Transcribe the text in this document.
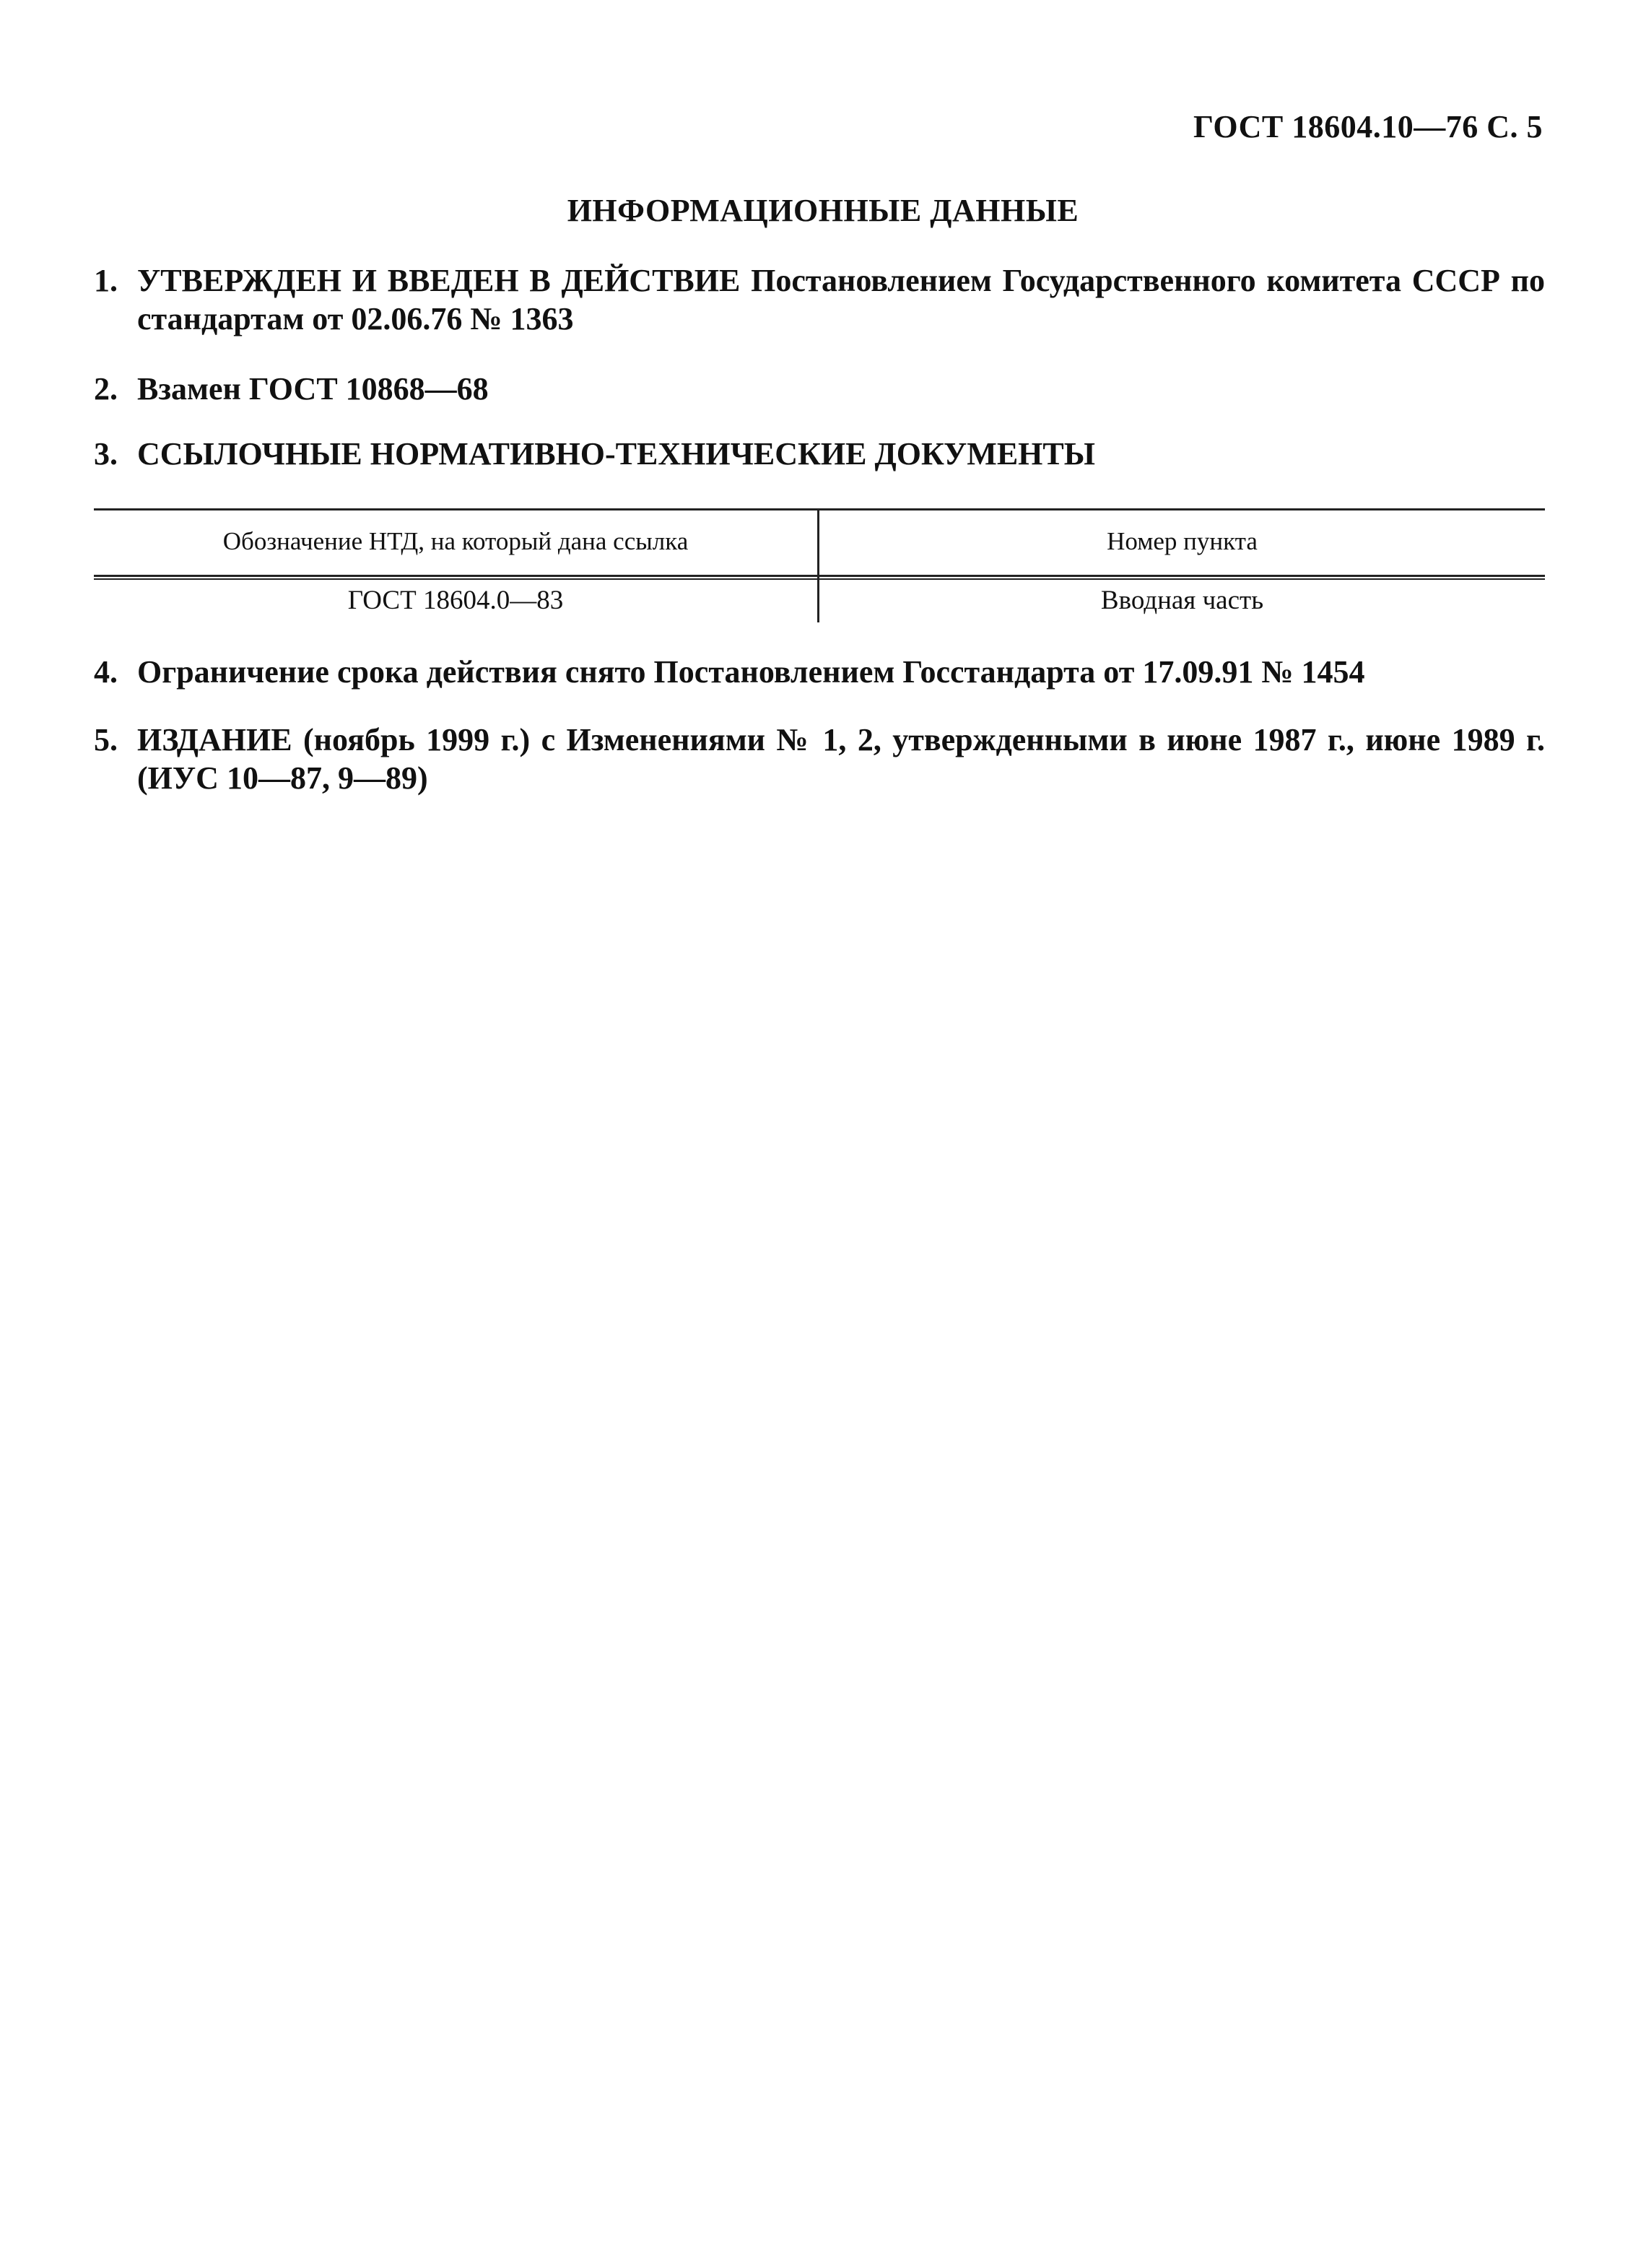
ГОСТ 18604.10—76 С. 5
ИНФОРМАЦИОННЫЕ ДАННЫЕ
1. УТВЕРЖДЕН И ВВЕДЕН В ДЕЙСТВИЕ Постановлением Государственного комитета СССР по стандартам от 02.06.76 № 1363
2. Взамен ГОСТ 10868—68
3. ССЫЛОЧНЫЕ НОРМАТИВНО-ТЕХНИЧЕСКИЕ ДОКУМЕНТЫ
Обозначение НТД, на который дана ссылка	Номер пункта
ГОСТ 18604.0—83	Вводная часть
4. Ограничение срока действия снято Постановлением Госстандарта от 17.09.91 № 1454
5. ИЗДАНИЕ (ноябрь 1999 г.) с Изменениями № 1, 2, утвержденными в июне 1987 г., июне 1989 г. (ИУС 10—87, 9—89)
